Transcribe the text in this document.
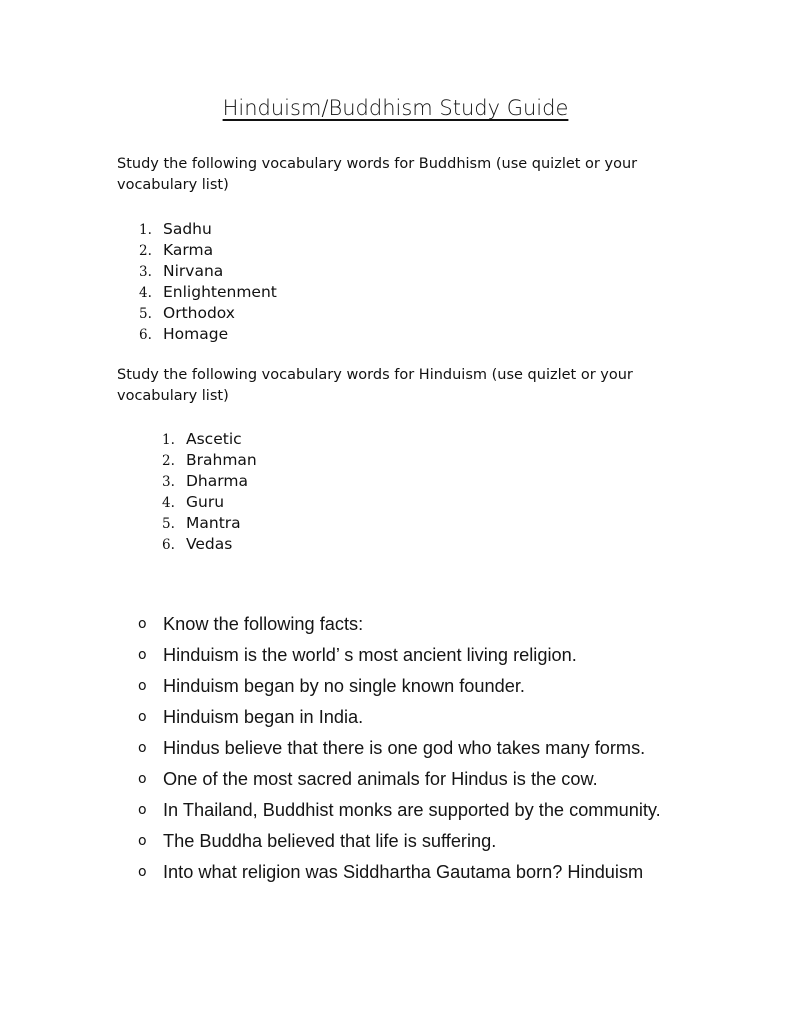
Hinduism/Buddhism Study Guide

Study the following vocabulary words for Buddhism (use quizlet or your vocabulary list)

1. Sadhu
2. Karma
3. Nirvana
4. Enlightenment
5. Orthodox
6. Homage

Study the following vocabulary words for Hinduism (use quizlet or your vocabulary list)

1. Ascetic
2. Brahman
3. Dharma
4. Guru
5. Mantra
6. Vedas
o Know the following facts:
o Hinduism is the world’ s most ancient living religion.
o Hinduism began by no single known founder.
o Hinduism began in India.
o Hindus believe that there is one god who takes many forms.
o One of the most sacred animals for Hindus is the cow.
o In Thailand, Buddhist monks are supported by the community.
o The Buddha believed that life is suffering.
o Into what religion was Siddhartha Gautama born? Hinduism
